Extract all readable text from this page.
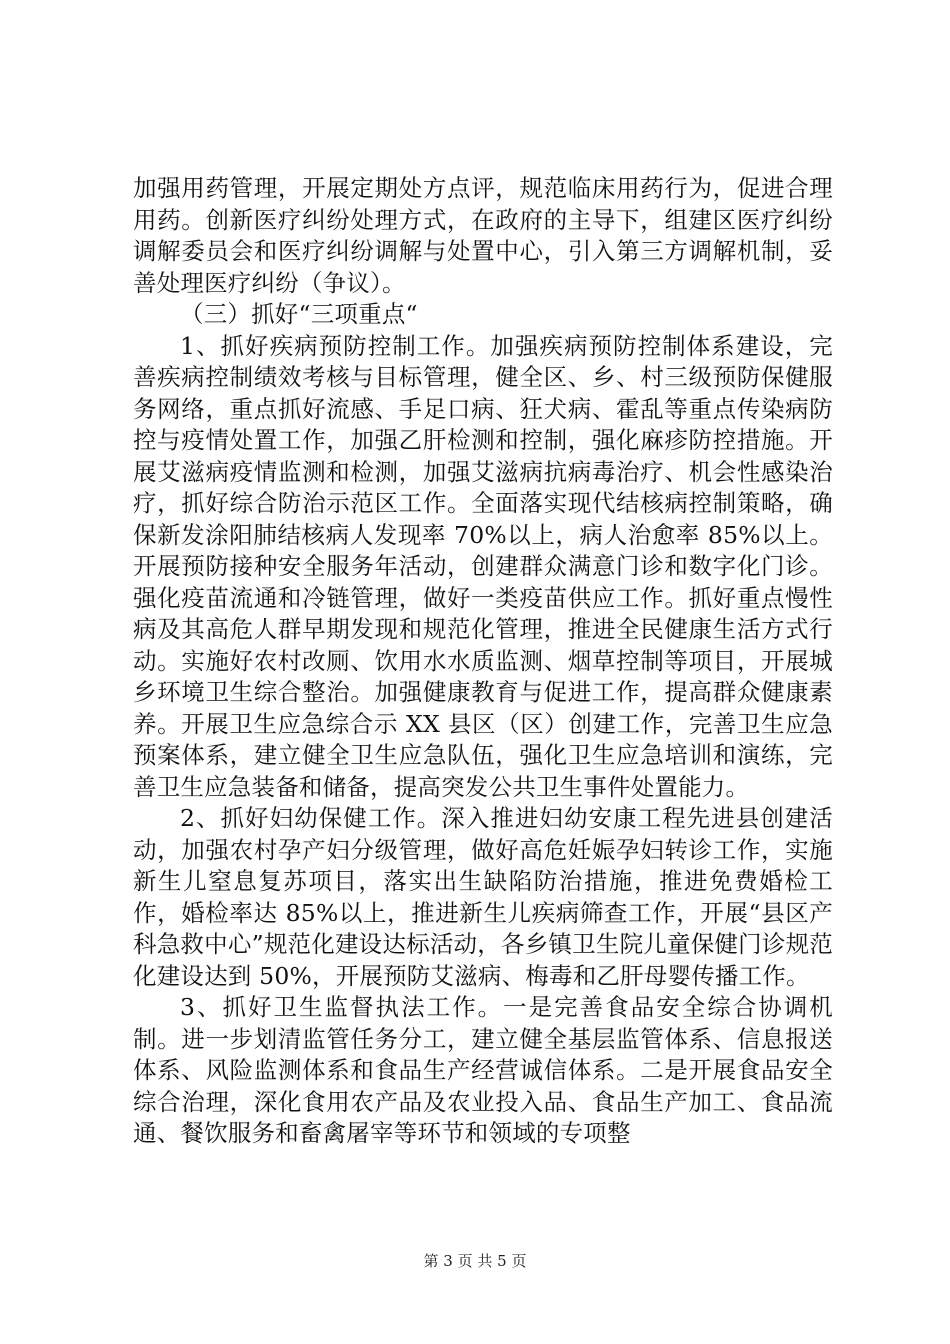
加强用药管理，开展定期处方点评，规范临床用药行为，促进合理用药。创新医疗纠纷处理方式，在政府的主导下，组建区医疗纠纷调解委员会和医疗纠纷调解与处置中心，引入第三方调解机制，妥善处理医疗纠纷（争议）。

（三）抓好“三项重点“

1、抓好疾病预防控制工作。加强疾病预防控制体系建设，完善疾病控制绩效考核与目标管理，健全区、乡、村三级预防保健服务网络，重点抓好流感、手足口病、狂犬病、霍乱等重点传染病防控与疫情处置工作，加强乙肝检测和控制，强化麻疹防控措施。开展艾滋病疫情监测和检测，加强艾滋病抗病毒治疗、机会性感染治疗，抓好综合防治示范区工作。全面落实现代结核病控制策略，确保新发涂阳肺结核病人发现率 70%以上，病人治愈率 85%以上。开展预防接种安全服务年活动，创建群众满意门诊和数字化门诊。强化疫苗流通和冷链管理，做好一类疫苗供应工作。抓好重点慢性病及其高危人群早期发现和规范化管理，推进全民健康生活方式行动。实施好农村改厕、饮用水水质监测、烟草控制等项目，开展城乡环境卫生综合整治。加强健康教育与促进工作，提高群众健康素养。开展卫生应急综合示 XX 县区（区）创建工作，完善卫生应急预案体系，建立健全卫生应急队伍，强化卫生应急培训和演练，完善卫生应急装备和储备，提高突发公共卫生事件处置能力。

2、抓好妇幼保健工作。深入推进妇幼安康工程先进县创建活动，加强农村孕产妇分级管理，做好高危妊娠孕妇转诊工作，实施新生儿窒息复苏项目，落实出生缺陷防治措施，推进免费婚检工作，婚检率达 85%以上，推进新生儿疾病筛查工作，开展“县区产科急救中心”规范化建设达标活动，各乡镇卫生院儿童保健门诊规范化建设达到 50%，开展预防艾滋病、梅毒和乙肝母婴传播工作。

3、抓好卫生监督执法工作。一是完善食品安全综合协调机制。进一步划清监管任务分工，建立健全基层监管体系、信息报送体系、风险监测体系和食品生产经营诚信体系。二是开展食品安全综合治理，深化食用农产品及农业投入品、食品生产加工、食品流通、餐饮服务和畜禽屠宰等环节和领域的专项整

第 3 页 共 5 页
